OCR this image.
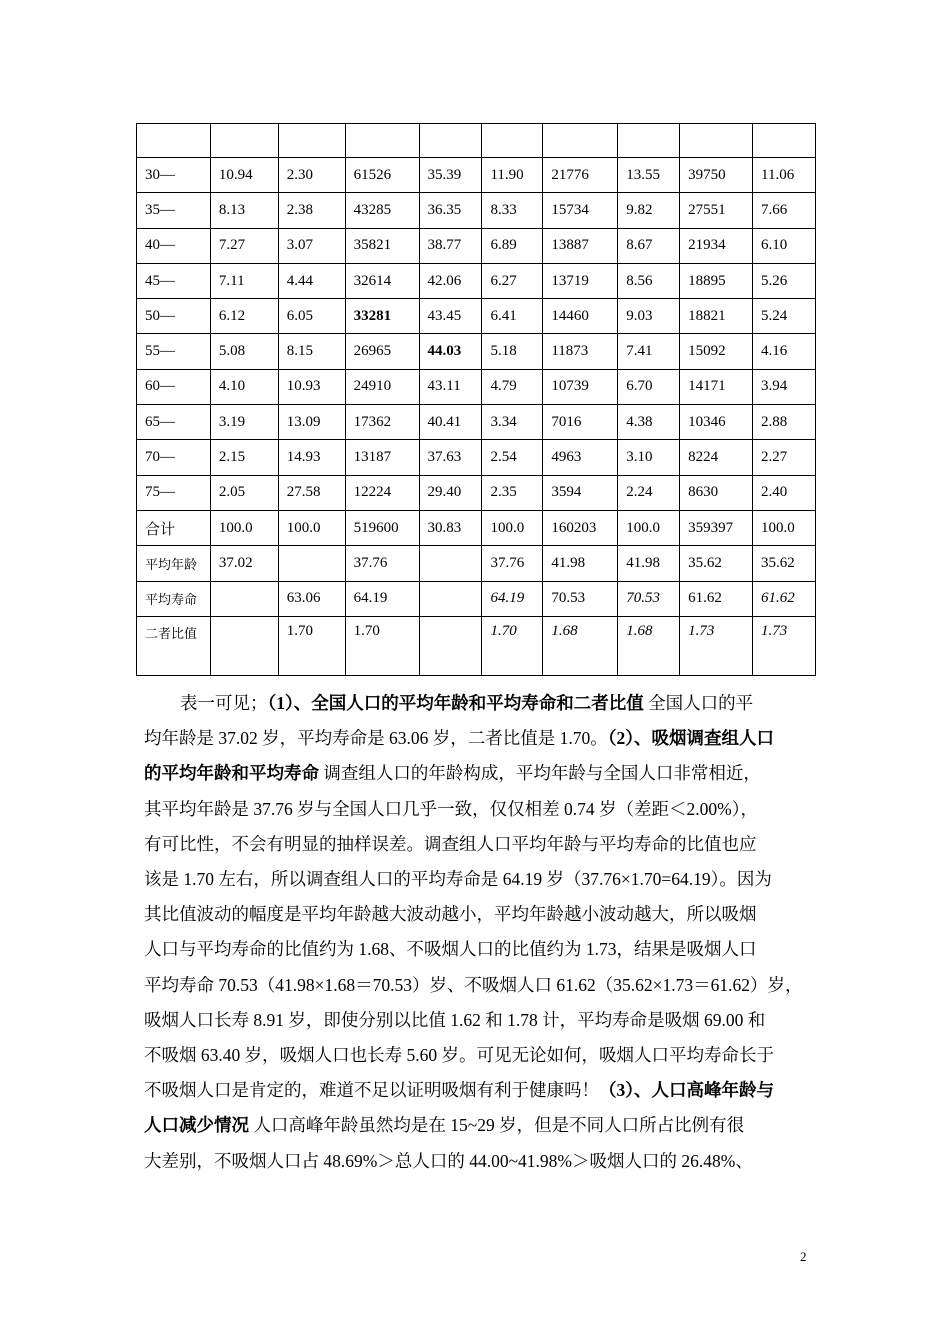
30—	10.94	2.30	61526	35.39	11.90	21776	13.55	39750	11.06
35—	8.13	2.38	43285	36.35	8.33	15734	9.82	27551	7.66
40—	7.27	3.07	35821	38.77	6.89	13887	8.67	21934	6.10
45—	7.11	4.44	32614	42.06	6.27	13719	8.56	18895	5.26
50—	6.12	6.05	33281	43.45	6.41	14460	9.03	18821	5.24
55—	5.08	8.15	26965	44.03	5.18	11873	7.41	15092	4.16
60—	4.10	10.93	24910	43.11	4.79	10739	6.70	14171	3.94
65—	3.19	13.09	17362	40.41	3.34	7016	4.38	10346	2.88
70—	2.15	14.93	13187	37.63	2.54	4963	3.10	8224	2.27
75—	2.05	27.58	12224	29.40	2.35	3594	2.24	8630	2.40
合计	100.0	100.0	519600	30.83	100.0	160203	100.0	359397	100.0
平均年龄	37.02		37.76		37.76	41.98	41.98	35.62	35.62
平均寿命		63.06	64.19		64.19	70.53	70.53	61.62	61.62
二者比值		1.70	1.70		1.70	1.68	1.68	1.73	1.73
表一可见；（1）、全国人口的平均年龄和平均寿命和二者比值 全国人口的平
均年龄是 37.02 岁，平均寿命是 63.06 岁，二者比值是 1.70。（2）、吸烟调查组人口
的平均年龄和平均寿命 调查组人口的年龄构成，平均年龄与全国人口非常相近，
其平均年龄是 37.76 岁与全国人口几乎一致，仅仅相差 0.74 岁（差距＜2.00%），
有可比性，不会有明显的抽样误差。调查组人口平均年龄与平均寿命的比值也应
该是 1.70 左右，所以调查组人口的平均寿命是 64.19 岁（37.76×1.70=64.19）。因为
其比值波动的幅度是平均年龄越大波动越小，平均年龄越小波动越大，所以吸烟
人口与平均寿命的比值约为 1.68、不吸烟人口的比值约为 1.73，结果是吸烟人口
平均寿命 70.53（41.98×1.68＝70.53）岁、不吸烟人口 61.62（35.62×1.73＝61.62）岁，
吸烟人口长寿 8.91 岁，即使分别以比值 1.62 和 1.78 计，平均寿命是吸烟 69.00 和
不吸烟 63.40 岁，吸烟人口也长寿 5.60 岁。可见无论如何，吸烟人口平均寿命长于
不吸烟人口是肯定的，难道不足以证明吸烟有利于健康吗！（3）、人口高峰年龄与
人口减少情况 人口高峰年龄虽然均是在 15~29 岁，但是不同人口所占比例有很
大差别，不吸烟人口占 48.69%＞总人口的 44.00~41.98%＞吸烟人口的 26.48%、
2
